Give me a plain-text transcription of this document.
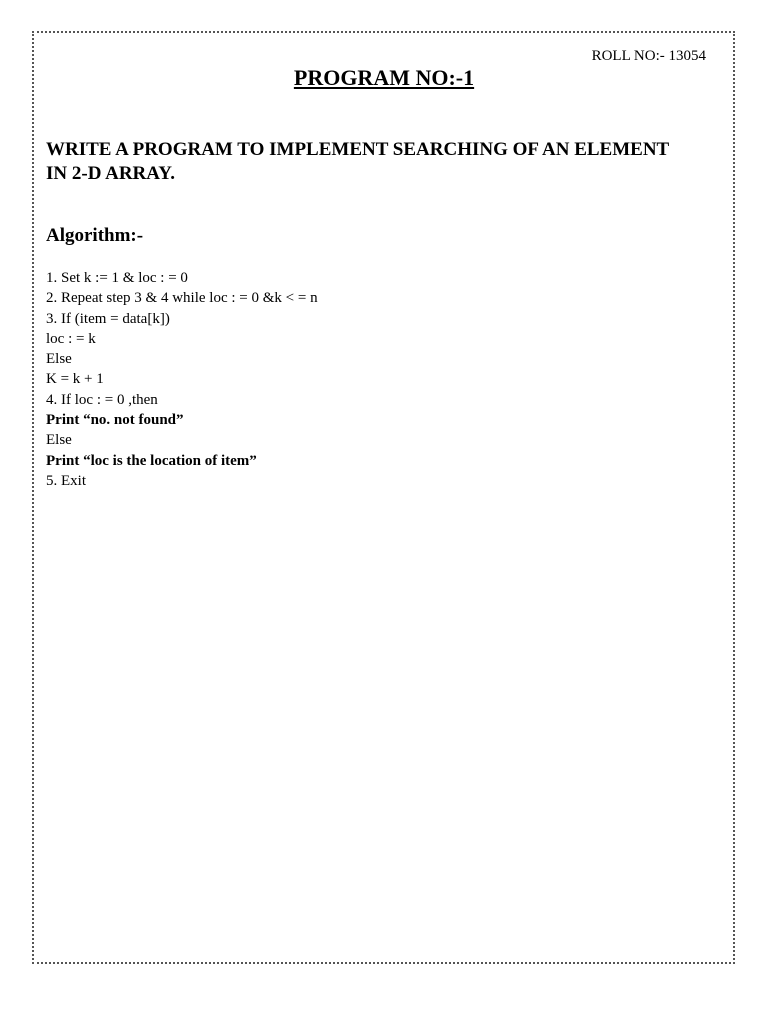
ROLL NO:- 13054
PROGRAM NO:-1
WRITE A PROGRAM TO IMPLEMENT SEARCHING OF AN ELEMENT
IN 2-D ARRAY.
Algorithm:-
1. Set k := 1 & loc : = 0
2. Repeat step 3 & 4 while loc : = 0 &k < = n
3. If (item = data[k])
loc : = k
Else
K = k + 1
4. If loc : = 0 ,then
Print “no. not found”
Else
Print “loc is the location of item”
5. Exit
